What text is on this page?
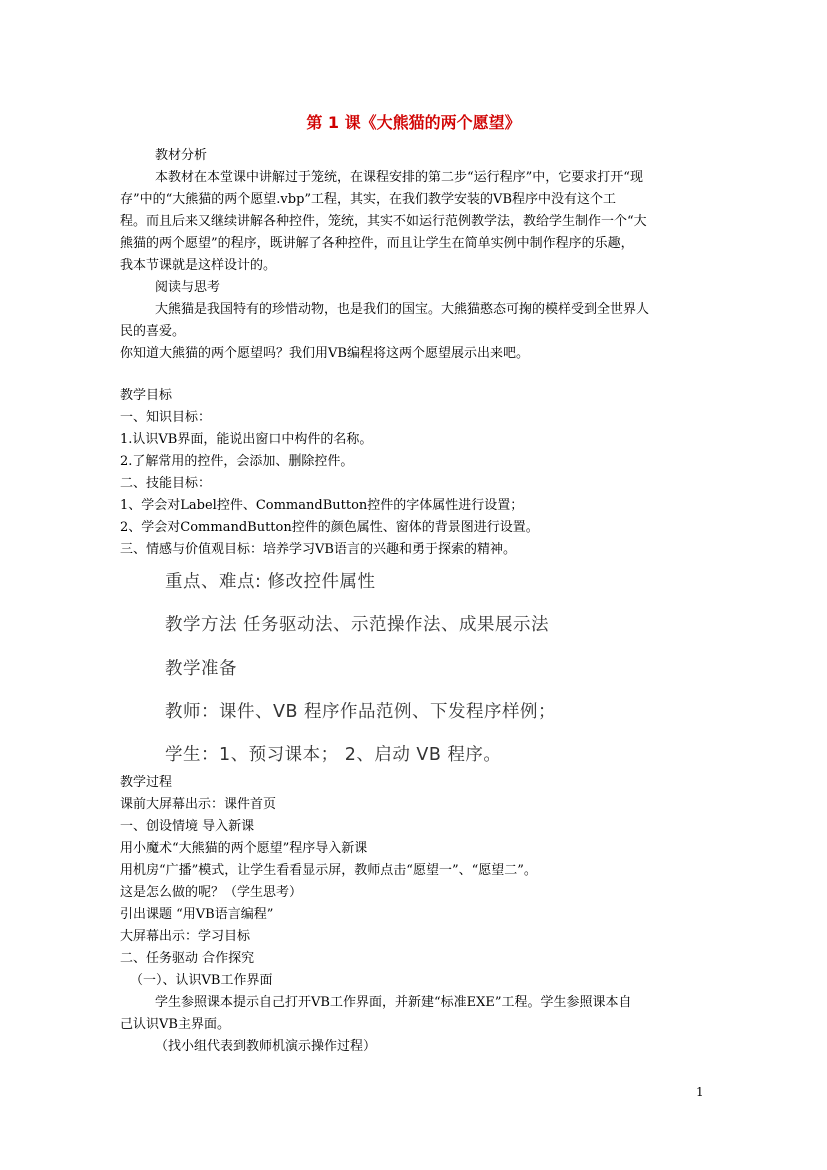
第 1 课《大熊猫的两个愿望》
教材分析
本教材在本堂课中讲解过于笼统，在课程安排的第二步“运行程序”中，它要求打开“现
存”中的“大熊猫的两个愿望.vbp”工程，其实，在我们教学安装的VB程序中没有这个工
程。而且后来又继续讲解各种控件，笼统，其实不如运行范例教学法，教给学生制作一个“大
熊猫的两个愿望”的程序，既讲解了各种控件，而且让学生在简单实例中制作程序的乐趣，
我本节课就是这样设计的。
阅读与思考
大熊猫是我国特有的珍惜动物，也是我们的国宝。大熊猫憨态可掬的模样受到全世界人
民的喜爱。
你知道大熊猫的两个愿望吗？我们用VB编程将这两个愿望展示出来吧。
教学目标
一、知识目标：
1.认识VB界面，能说出窗口中构件的名称。
2.了解常用的控件，会添加、删除控件。
二、技能目标：
1、学会对Label控件、CommandButton控件的字体属性进行设置；
2、学会对CommandButton控件的颜色属性、窗体的背景图进行设置。
三、情感与价值观目标：培养学习VB语言的兴趣和勇于探索的精神。
重点、难点: 修改控件属性
教学方法 任务驱动法、示范操作法、成果展示法
教学准备
教师：课件、VB 程序作品范例、下发程序样例；
学生：1、预习课本； 2、启动 VB 程序。
教学过程
课前大屏幕出示：课件首页
一、创设情境 导入新课
用小魔术“大熊猫的两个愿望”程序导入新课
用机房“广播”模式，让学生看看显示屏，教师点击“愿望一”、“愿望二”。
这是怎么做的呢？（学生思考）
引出课题 “用VB语言编程”
大屏幕出示：学习目标
二、任务驱动 合作探究
（一）、认识VB工作界面
学生参照课本提示自己打开VB工作界面，并新建“标准EXE”工程。学生参照课本自
己认识VB主界面。
（找小组代表到教师机演示操作过程）
1
